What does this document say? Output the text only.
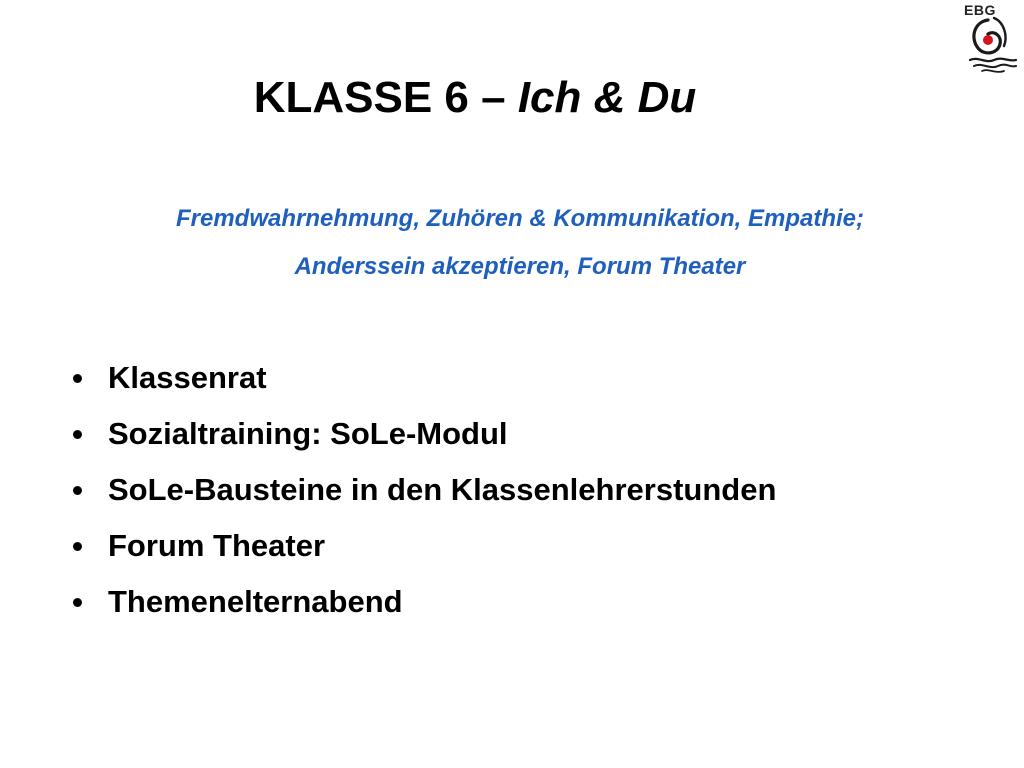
EBG
KLASSE 6 – Ich & Du
Fremdwahrnehmung, Zuhören & Kommunikation, Empathie;
Anderssein akzeptieren, Forum Theater
Klassenrat
Sozialtraining: SoLe-Modul
SoLe-Bausteine in den Klassenlehrerstunden
Forum Theater
Themenelternabend
